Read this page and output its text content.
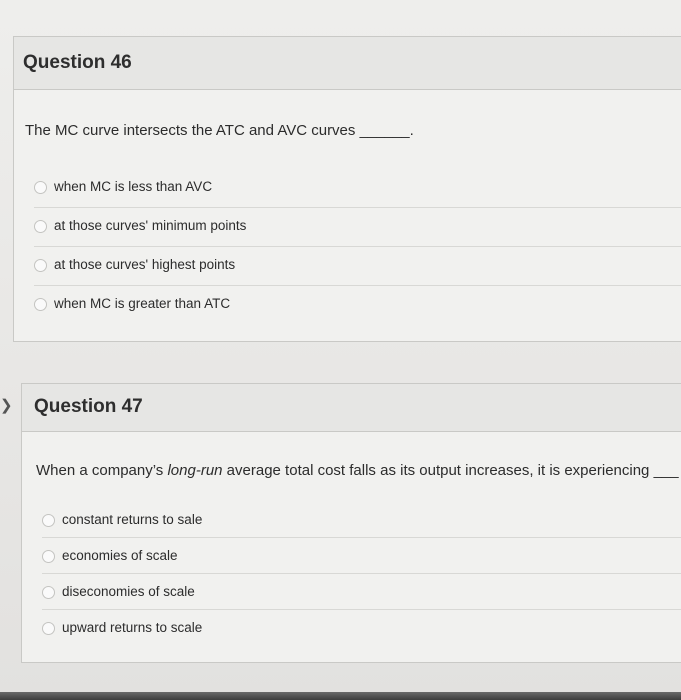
❯
Question 46
The MC curve intersects the ATC and AVC curves ______.
when MC is less than AVC
at those curves' minimum points
at those curves' highest points
when MC is greater than ATC
Question 47
When a company’s long-run average total cost falls as its output increases, it is experiencing ___
constant returns to sale
economies of scale
diseconomies of scale
upward returns to scale
